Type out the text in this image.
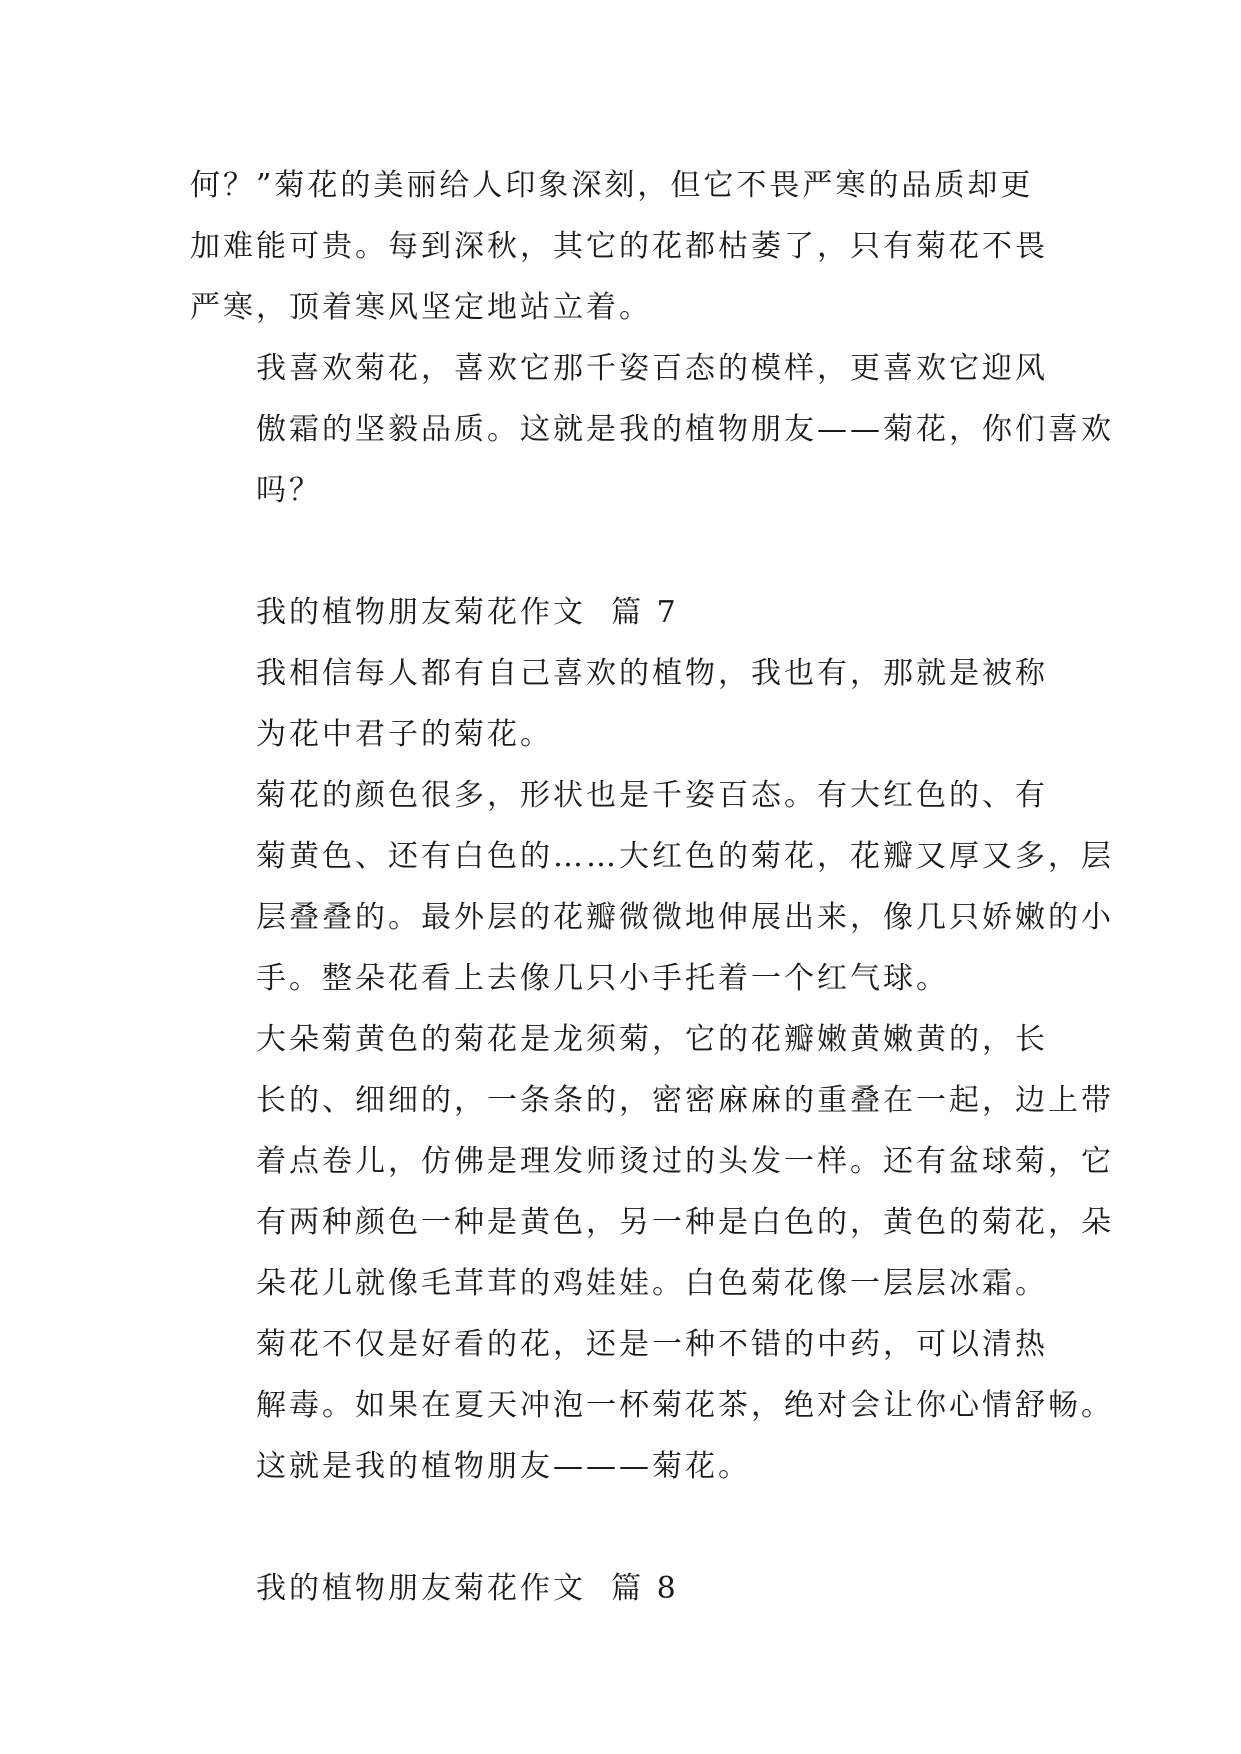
何？”菊花的美丽给人印象深刻，但它不畏严寒的品质却更
加难能可贵。每到深秋，其它的花都枯萎了，只有菊花不畏
严寒，顶着寒风坚定地站立着。
我喜欢菊花，喜欢它那千姿百态的模样，更喜欢它迎风
傲霜的坚毅品质。这就是我的植物朋友——菊花，你们喜欢
吗？
我的植物朋友菊花作文  篇 7
我相信每人都有自己喜欢的植物，我也有，那就是被称
为花中君子的菊花。
菊花的颜色很多，形状也是千姿百态。有大红色的、有
菊黄色、还有白色的……大红色的菊花，花瓣又厚又多，层
层叠叠的。最外层的花瓣微微地伸展出来，像几只娇嫩的小
手。整朵花看上去像几只小手托着一个红气球。
大朵菊黄色的菊花是龙须菊，它的花瓣嫩黄嫩黄的，长
长的、细细的，一条条的，密密麻麻的重叠在一起，边上带
着点卷儿，仿佛是理发师烫过的头发一样。还有盆球菊，它
有两种颜色一种是黄色，另一种是白色的，黄色的菊花，朵
朵花儿就像毛茸茸的鸡娃娃。白色菊花像一层层冰霜。
菊花不仅是好看的花，还是一种不错的中药，可以清热
解毒。如果在夏天冲泡一杯菊花茶，绝对会让你心情舒畅。
这就是我的植物朋友———菊花。
我的植物朋友菊花作文  篇 8
